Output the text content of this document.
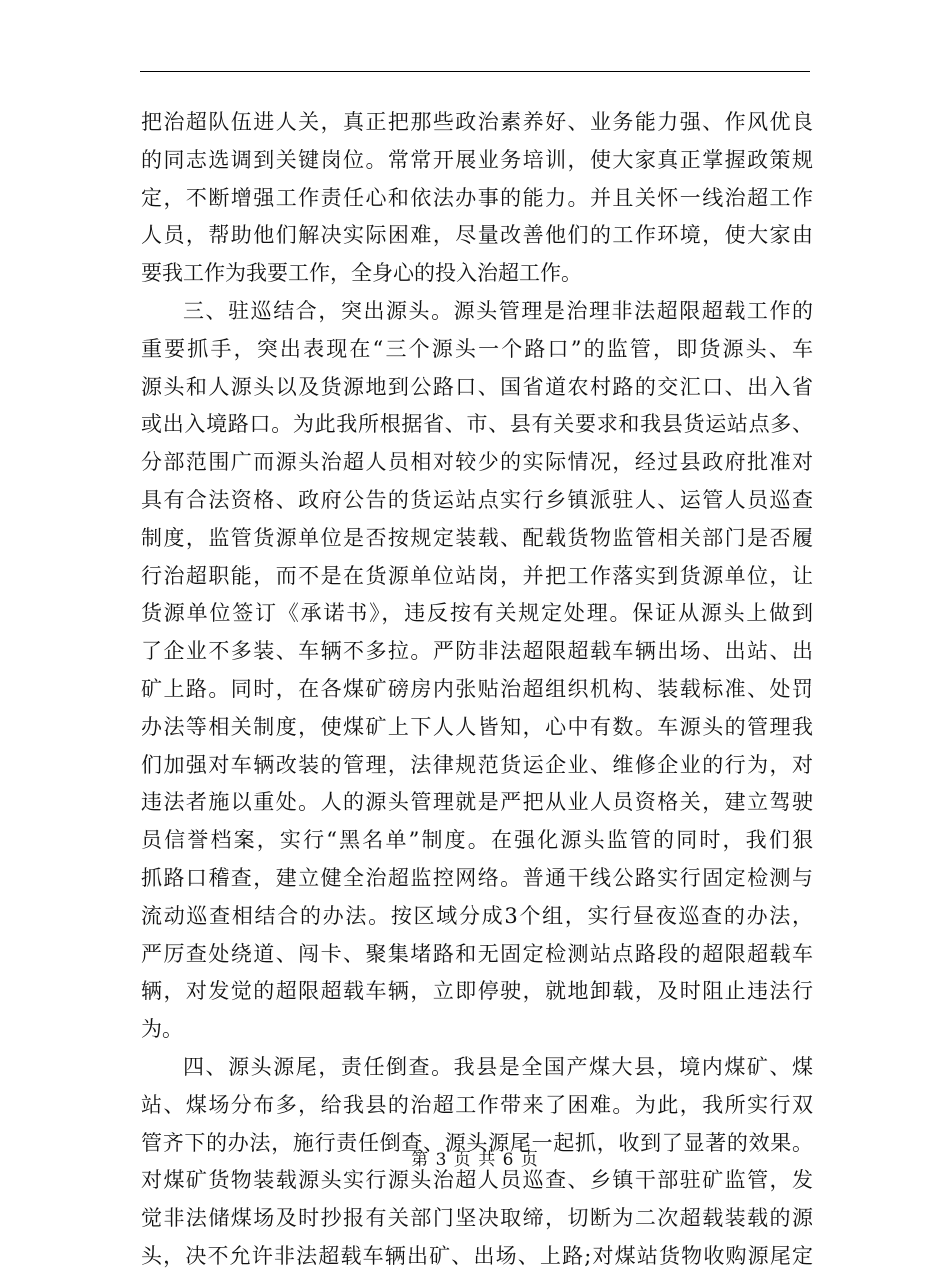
把治超队伍进人关，真正把那些政治素养好、业务能力强、作风优良
的同志选调到关键岗位。常常开展业务培训，使大家真正掌握政策规
定，不断增强工作责任心和依法办事的能力。并且关怀一线治超工作
人员，帮助他们解决实际困难，尽量改善他们的工作环境，使大家由
要我工作为我要工作，全身心的投入治超工作。
三、驻巡结合，突出源头。源头管理是治理非法超限超载工作的
重要抓手，突出表现在“三个源头一个路口”的监管，即货源头、车
源头和人源头以及货源地到公路口、国省道农村路的交汇口、出入省
或出入境路口。为此我所根据省、市、县有关要求和我县货运站点多、
分部范围广而源头治超人员相对较少的实际情况，经过县政府批准对
具有合法资格、政府公告的货运站点实行乡镇派驻人、运管人员巡查
制度，监管货源单位是否按规定装载、配载货物监管相关部门是否履
行治超职能，而不是在货源单位站岗，并把工作落实到货源单位，让
货源单位签订《承诺书》，违反按有关规定处理。保证从源头上做到
了企业不多装、车辆不多拉。严防非法超限超载车辆出场、出站、出
矿上路。同时，在各煤矿磅房内张贴治超组织机构、装载标准、处罚
办法等相关制度，使煤矿上下人人皆知，心中有数。车源头的管理我
们加强对车辆改装的管理，法律规范货运企业、维修企业的行为，对
违法者施以重处。人的源头管理就是严把从业人员资格关，建立驾驶
员信誉档案，实行“黑名单”制度。在强化源头监管的同时，我们狠
抓路口稽查，建立健全治超监控网络。普通干线公路实行固定检测与
流动巡查相结合的办法。按区域分成3个组，实行昼夜巡查的办法，
严厉查处绕道、闯卡、聚集堵路和无固定检测站点路段的超限超载车
辆，对发觉的超限超载车辆，立即停驶，就地卸载，及时阻止违法行
为。
四、源头源尾，责任倒查。我县是全国产煤大县，境内煤矿、煤
站、煤场分布多，给我县的治超工作带来了困难。为此，我所实行双
管齐下的办法，施行责任倒查、源头源尾一起抓，收到了显著的效果。
对煤矿货物装载源头实行源头治超人员巡查、乡镇干部驻矿监管，发
觉非法储煤场及时抄报有关部门坚决取缔，切断为二次超载装载的源
头，决不允许非法超载车辆出矿、出场、上路;对煤站货物收购源尾定
第 3 页 共 6 页
